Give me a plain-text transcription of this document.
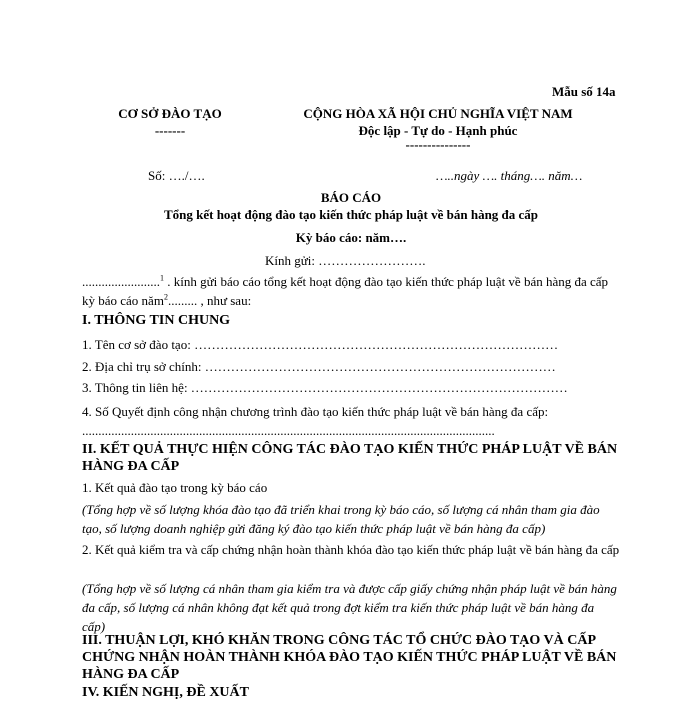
Mẫu số 14a
CƠ SỞ ĐÀO TẠO
-------
CỘNG HÒA XÃ HỘI CHỦ NGHĨA VIỆT NAM
Độc lập - Tự do - Hạnh phúc
---------------
Số: …./….	…..ngày …. tháng…. năm…
BÁO CÁO
Tổng kết hoạt động đào tạo kiến thức pháp luật về bán hàng đa cấp
Kỳ báo cáo: năm….
Kính gửi: …………………….
........................$^1$ . kính gửi báo cáo tổng kết hoạt động đào tạo kiến thức pháp luật về bán hàng đa cấp kỳ báo cáo năm$^2$......... , như sau:
I. THÔNG TIN CHUNG
1. Tên cơ sở đào tạo: …………………………………………………………………………
2. Địa chỉ trụ sở chính: ………………………………………………………………………
3. Thông tin liên hệ: ……………………………………………………………………………
4. Số Quyết định công nhận chương trình đào tạo kiến thức pháp luật về bán hàng đa cấp: ...............................................................................................................................
II. KẾT QUẢ THỰC HIỆN CÔNG TÁC ĐÀO TẠO KIẾN THỨC PHÁP LUẬT VỀ BÁN HÀNG ĐA CẤP
1. Kết quả đào tạo trong kỳ báo cáo
(Tổng hợp về số lượng khóa đào tạo đã triển khai trong kỳ báo cáo, số lượng cá nhân tham gia đào tạo, số lượng doanh nghiệp gửi đăng ký đào tạo kiến thức pháp luật về bán hàng đa cấp)
2. Kết quả kiểm tra và cấp chứng nhận hoàn thành khóa đào tạo kiến thức pháp luật về bán hàng đa cấp
(Tổng hợp về số lượng cá nhân tham gia kiểm tra và được cấp giấy chứng nhận pháp luật về bán hàng đa cấp, số lượng cá nhân không đạt kết quả trong đợt kiểm tra kiến thức pháp luật về bán hàng đa cấp)
III. THUẬN LỢI, KHÓ KHĂN TRONG CÔNG TÁC TỔ CHỨC ĐÀO TẠO VÀ CẤP CHỨNG NHẬN HOÀN THÀNH KHÓA ĐÀO TẠO KIẾN THỨC PHÁP LUẬT VỀ BÁN HÀNG ĐA CẤP
IV. KIẾN NGHỊ, ĐỀ XUẤT
